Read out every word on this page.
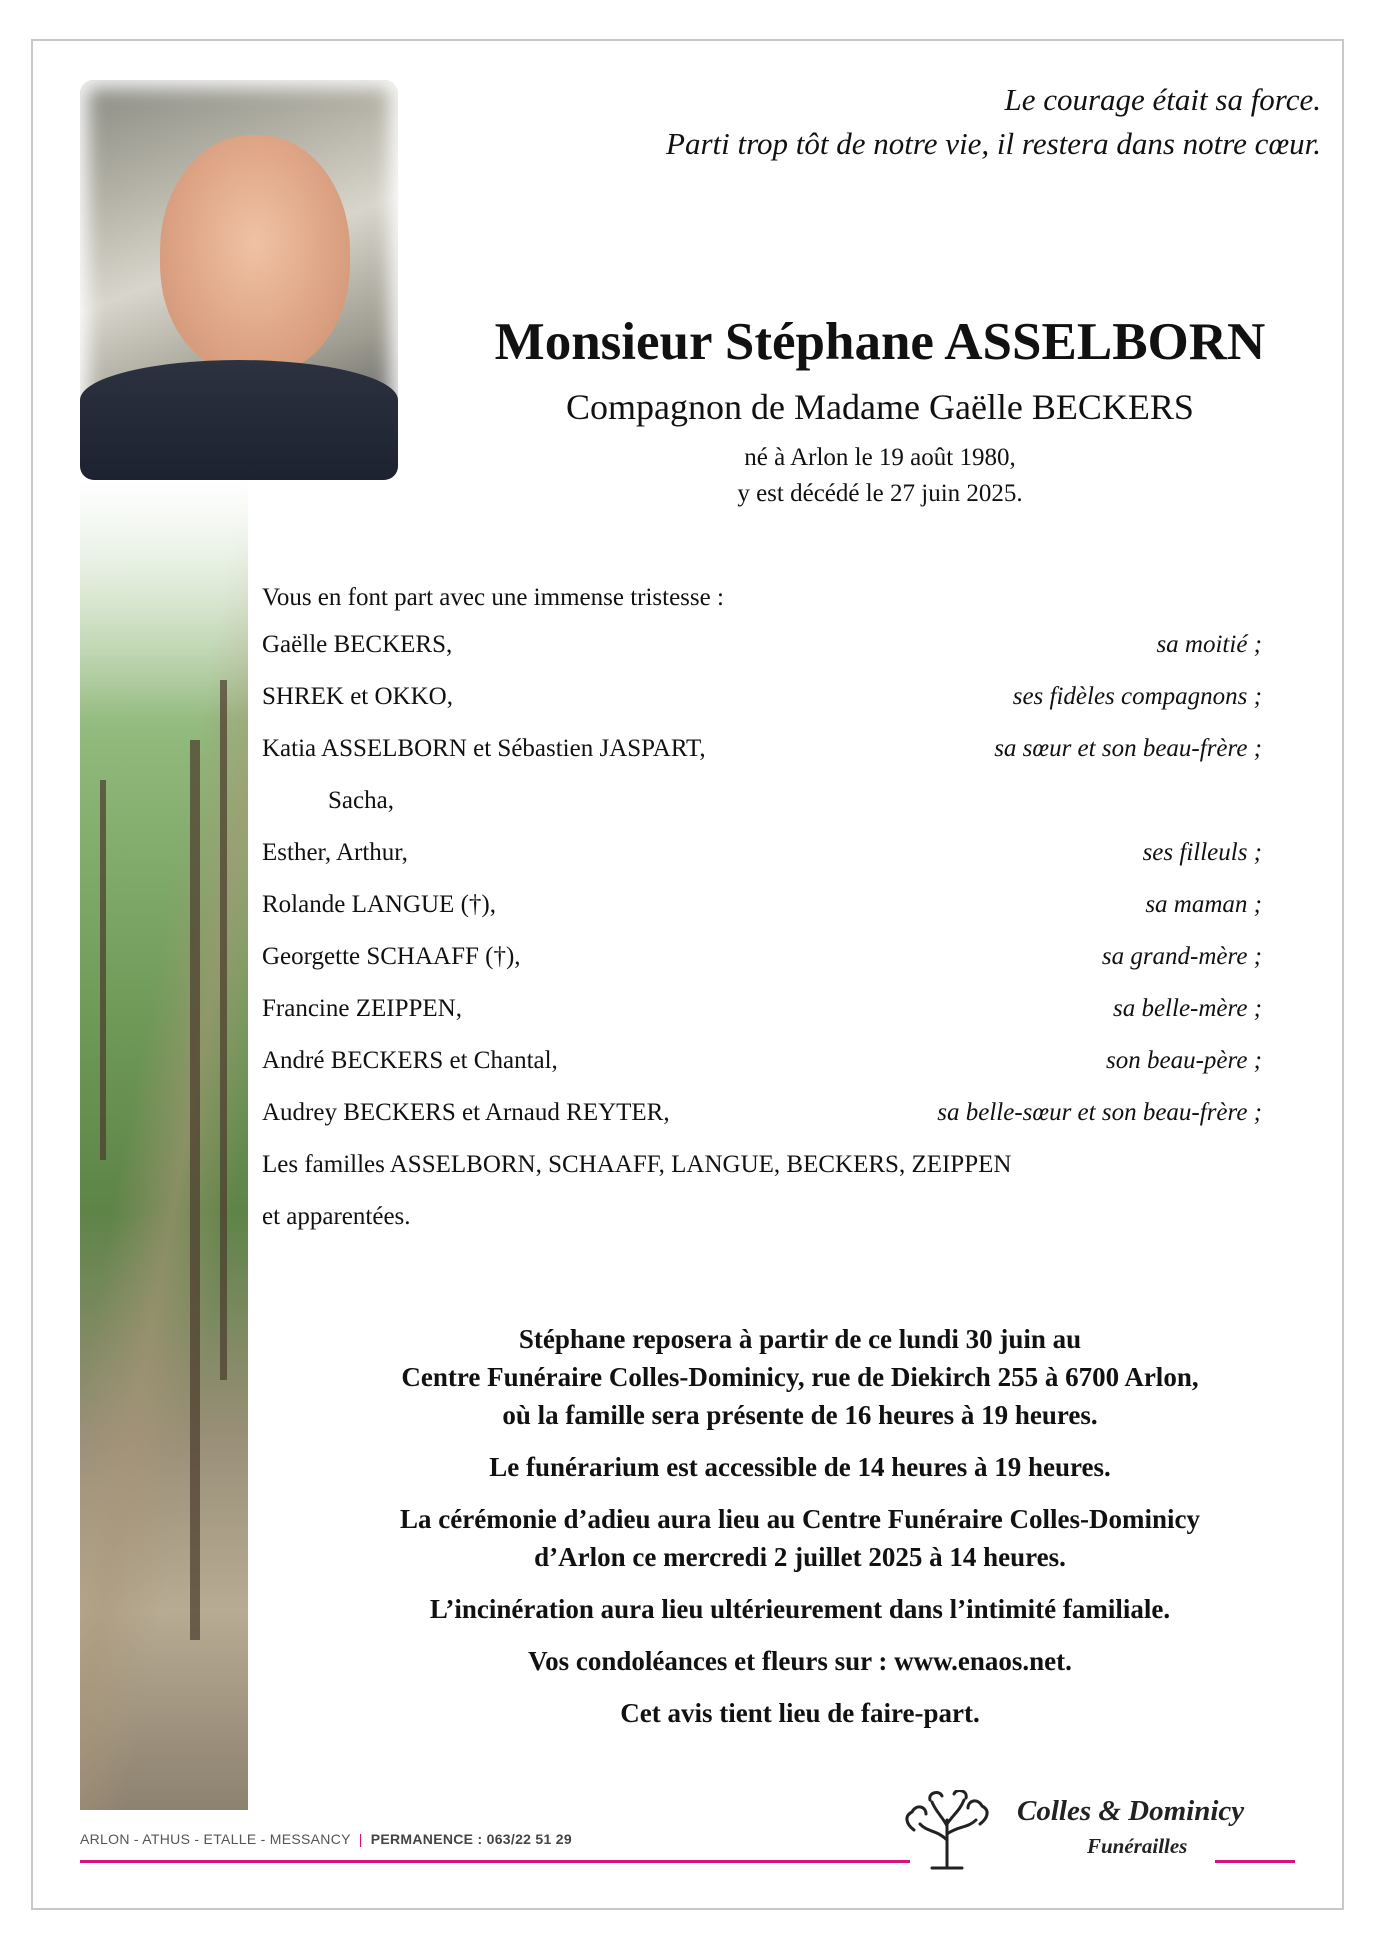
Le courage était sa force.
Parti trop tôt de notre vie, il restera dans notre cœur.
Monsieur Stéphane ASSELBORN
Compagnon de Madame Gaëlle BECKERS
né à Arlon le 19 août 1980,
y est décédé le 27 juin 2025.
Vous en font part avec une immense tristesse :
Gaëlle BECKERS,	sa moitié ;
SHREK et OKKO,	ses fidèles compagnons ;
Katia ASSELBORN et Sébastien JASPART,	sa sœur et son beau-frère ;
Sacha,
Esther, Arthur,	ses filleuls ;
Rolande LANGUE (†),	sa maman ;
Georgette SCHAAFF (†),	sa grand-mère ;
Francine ZEIPPEN,	sa belle-mère ;
André BECKERS et Chantal,	son beau-père ;
Audrey BECKERS et Arnaud REYTER,	sa belle-sœur et son beau-frère ;
Les familles ASSELBORN, SCHAAFF, LANGUE, BECKERS, ZEIPPEN
et apparentées.
Stéphane reposera à partir de ce lundi 30 juin au
Centre Funéraire Colles-Dominicy, rue de Diekirch 255 à 6700 Arlon,
où la famille sera présente de 16 heures à 19 heures.
Le funérarium est accessible de 14 heures à 19 heures.
La cérémonie d’adieu aura lieu au Centre Funéraire Colles-Dominicy
d’Arlon ce mercredi 2 juillet 2025 à 14 heures.
L’incinération aura lieu ultérieurement dans l’intimité familiale.
Vos condoléances et fleurs sur : www.enaos.net.
Cet avis tient lieu de faire-part.
ARLON - ATHUS - ETALLE - MESSANCY | PERMANENCE : 063/22 51 29
Colles & Dominicy
Funérailles
